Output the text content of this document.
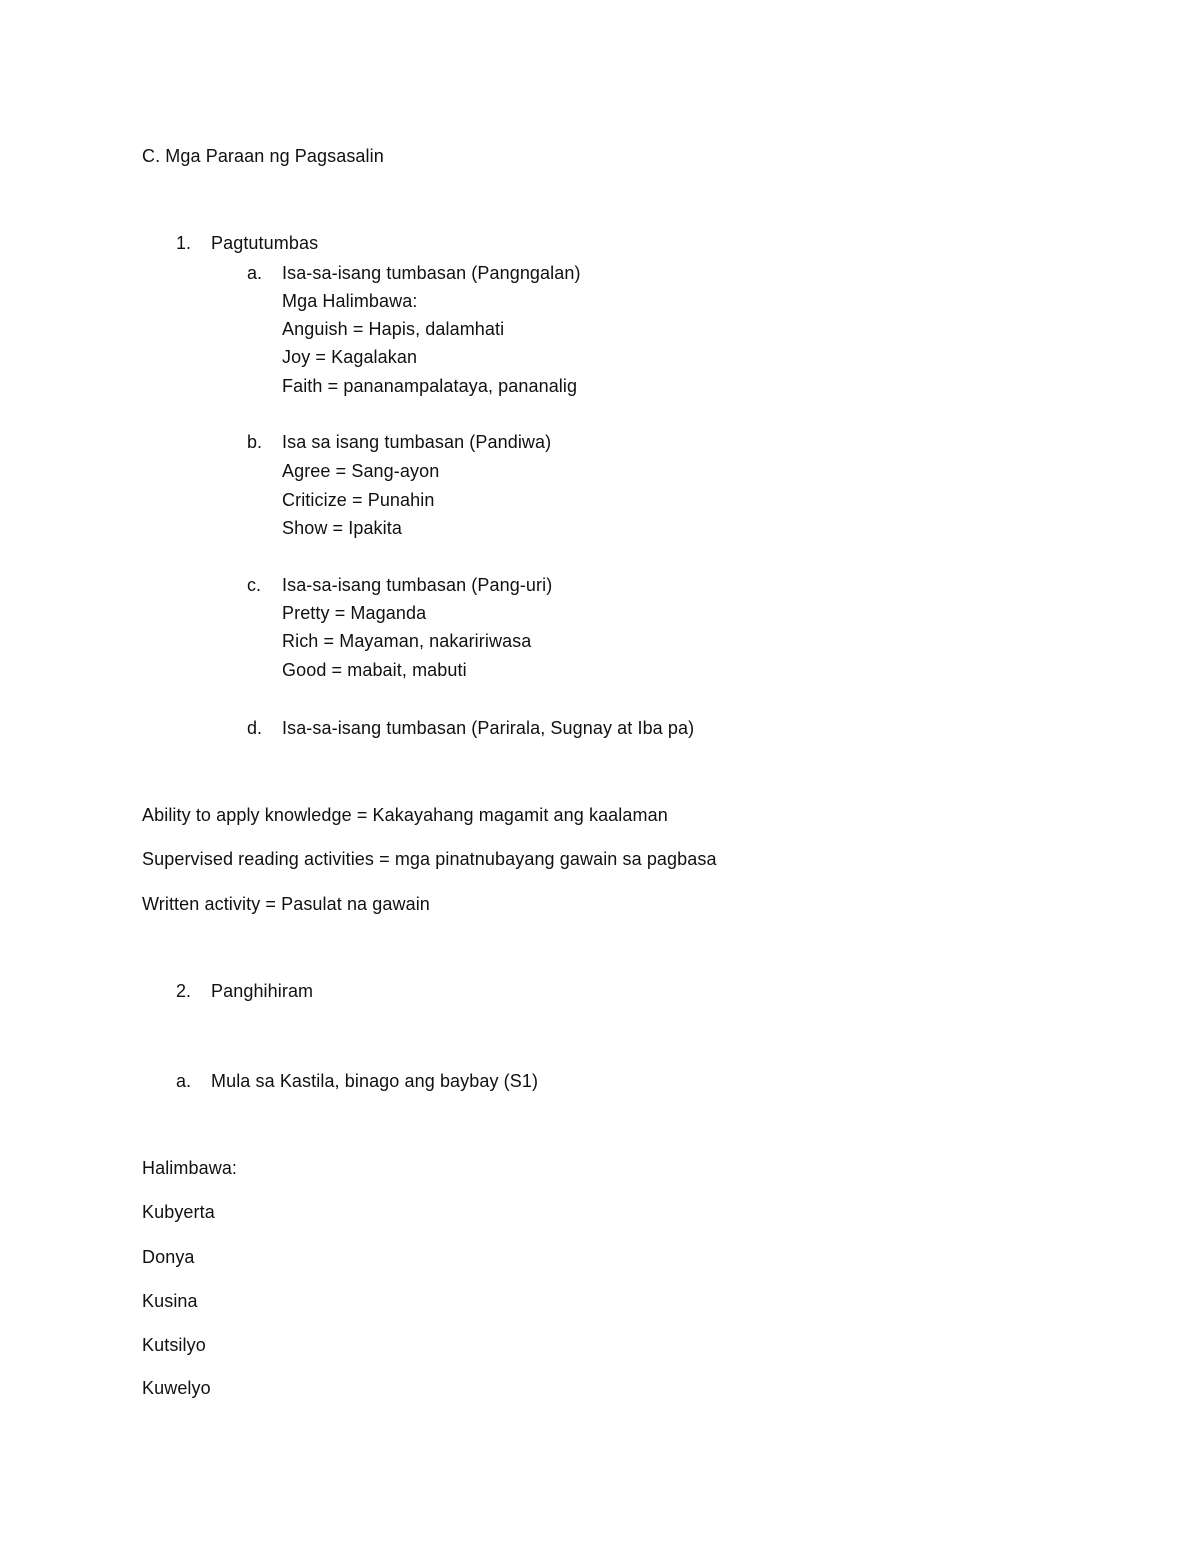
C. Mga Paraan ng Pagsasalin
1. Pagtutumbas
a. Isa-sa-isang tumbasan (Pangngalan)
Mga Halimbawa:
Anguish = Hapis, dalamhati
Joy = Kagalakan
Faith = pananampalataya, pananalig
b. Isa sa isang tumbasan (Pandiwa)
Agree = Sang-ayon
Criticize = Punahin
Show = Ipakita
c. Isa-sa-isang tumbasan (Pang-uri)
Pretty = Maganda
Rich = Mayaman, nakaririwasa
Good = mabait, mabuti
d. Isa-sa-isang tumbasan (Parirala, Sugnay at Iba pa)
Ability to apply knowledge = Kakayahang magamit ang kaalaman
Supervised reading activities = mga pinatnubayang gawain sa pagbasa
Written activity = Pasulat na gawain
2. Panghihiram
a. Mula sa Kastila, binago ang baybay (S1)
Halimbawa:
Kubyerta
Donya
Kusina
Kutsilyo
Kuwelyo
